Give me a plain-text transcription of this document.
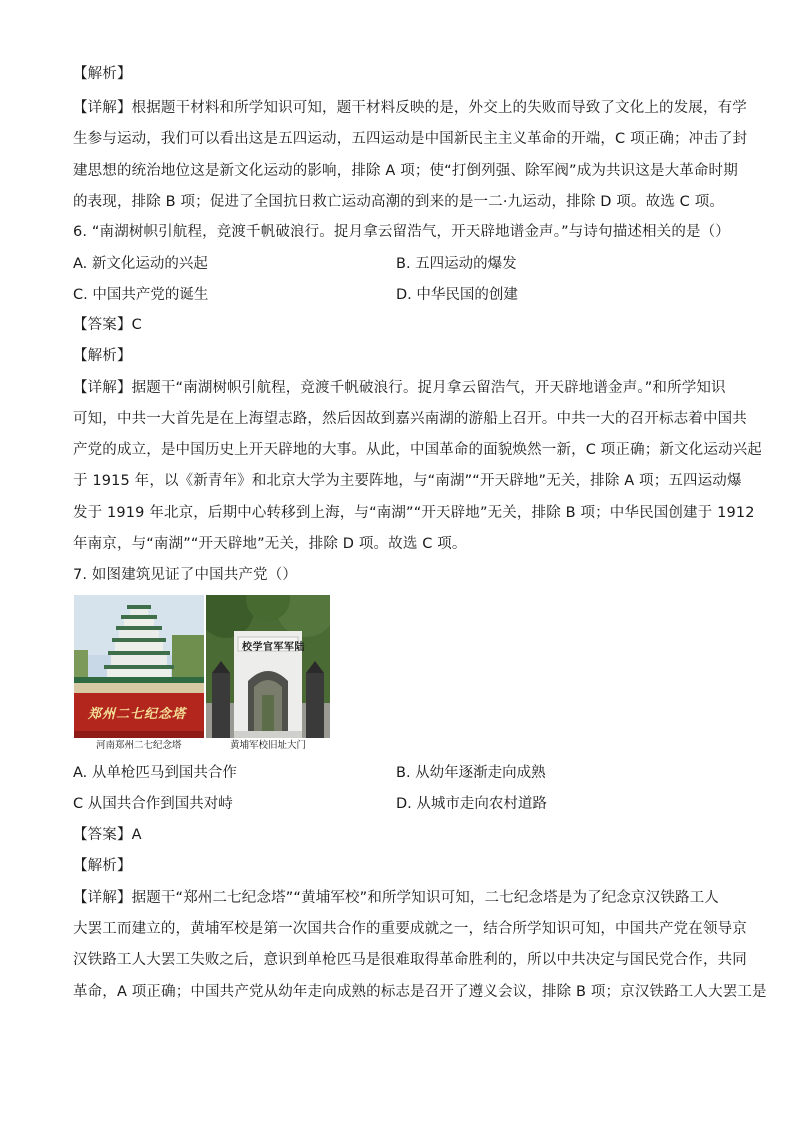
【解析】
【详解】根据题干材料和所学知识可知，题干材料反映的是，外交上的失败而导致了文化上的发展，有学
生参与运动，我们可以看出这是五四运动，五四运动是中国新民主主义革命的开端，C 项正确；冲击了封
建思想的统治地位这是新文化运动的影响，排除 A 项；使“打倒列强、除军阀”成为共识这是大革命时期
的表现，排除 B 项；促进了全国抗日救亡运动高潮的到来的是一二·九运动，排除 D 项。故选 C 项。
6. “南湖树帜引航程，竞渡千帆破浪行。捉月拿云留浩气，开天辟地谱金声。”与诗句描述相关的是（）
A. 新文化运动的兴起	B. 五四运动的爆发
C. 中国共产党的诞生	D. 中华民国的创建
【答案】C
【解析】
【详解】据题干“南湖树帜引航程，竞渡千帆破浪行。捉月拿云留浩气，开天辟地谱金声。”和所学知识
可知，中共一大首先是在上海望志路，然后因故到嘉兴南湖的游船上召开。中共一大的召开标志着中国共
产党的成立，是中国历史上开天辟地的大事。从此，中国革命的面貌焕然一新，C 项正确；新文化运动兴起
于 1915 年，以《新青年》和北京大学为主要阵地，与“南湖”“开天辟地”无关，排除 A 项；五四运动爆
发于 1919 年北京，后期中心转移到上海，与“南湖”“开天辟地”无关，排除 B 项；中华民国创建于 1912
年南京，与“南湖”“开天辟地”无关，排除 D 项。故选 C 项。
7. 如图建筑见证了中国共产党（）
郑州二七纪念塔
校学官军军陆
河南郑州二七纪念塔	黄埔军校旧址大门
A. 从单枪匹马到国共合作	B. 从幼年逐渐走向成熟
C 从国共合作到国共对峙	D. 从城市走向农村道路
【答案】A
【解析】
【详解】据题干“郑州二七纪念塔”“黄埔军校”和所学知识可知，二七纪念塔是为了纪念京汉铁路工人
大罢工而建立的，黄埔军校是第一次国共合作的重要成就之一，结合所学知识可知，中国共产党在领导京
汉铁路工人大罢工失败之后，意识到单枪匹马是很难取得革命胜利的，所以中共决定与国民党合作，共同
革命，A 项正确；中国共产党从幼年走向成熟的标志是召开了遵义会议，排除 B 项；京汉铁路工人大罢工是
